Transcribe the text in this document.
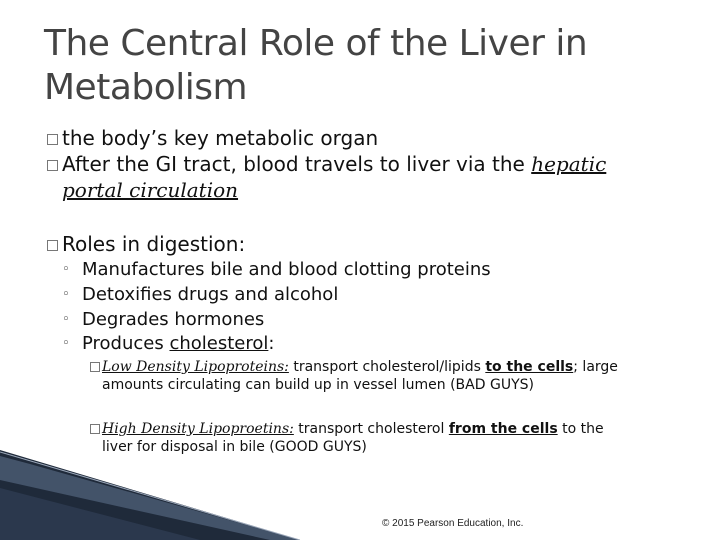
The Central Role of the Liver in
Metabolism
the body’s key metabolic organ
After the GI tract, blood travels to liver via the hepatic
portal circulation
Roles in digestion:
◦ Manufactures bile and blood clotting proteins
◦ Detoxifies drugs and alcohol
◦ Degrades hormones
◦ Produces cholesterol:
Low Density Lipoproteins: transport cholesterol/lipids to the cells; large
amounts circulating can build up in vessel lumen (BAD GUYS)
High Density Lipoproetins: transport cholesterol from the cells to the
liver for disposal in bile (GOOD GUYS)
© 2015 Pearson Education, Inc.
